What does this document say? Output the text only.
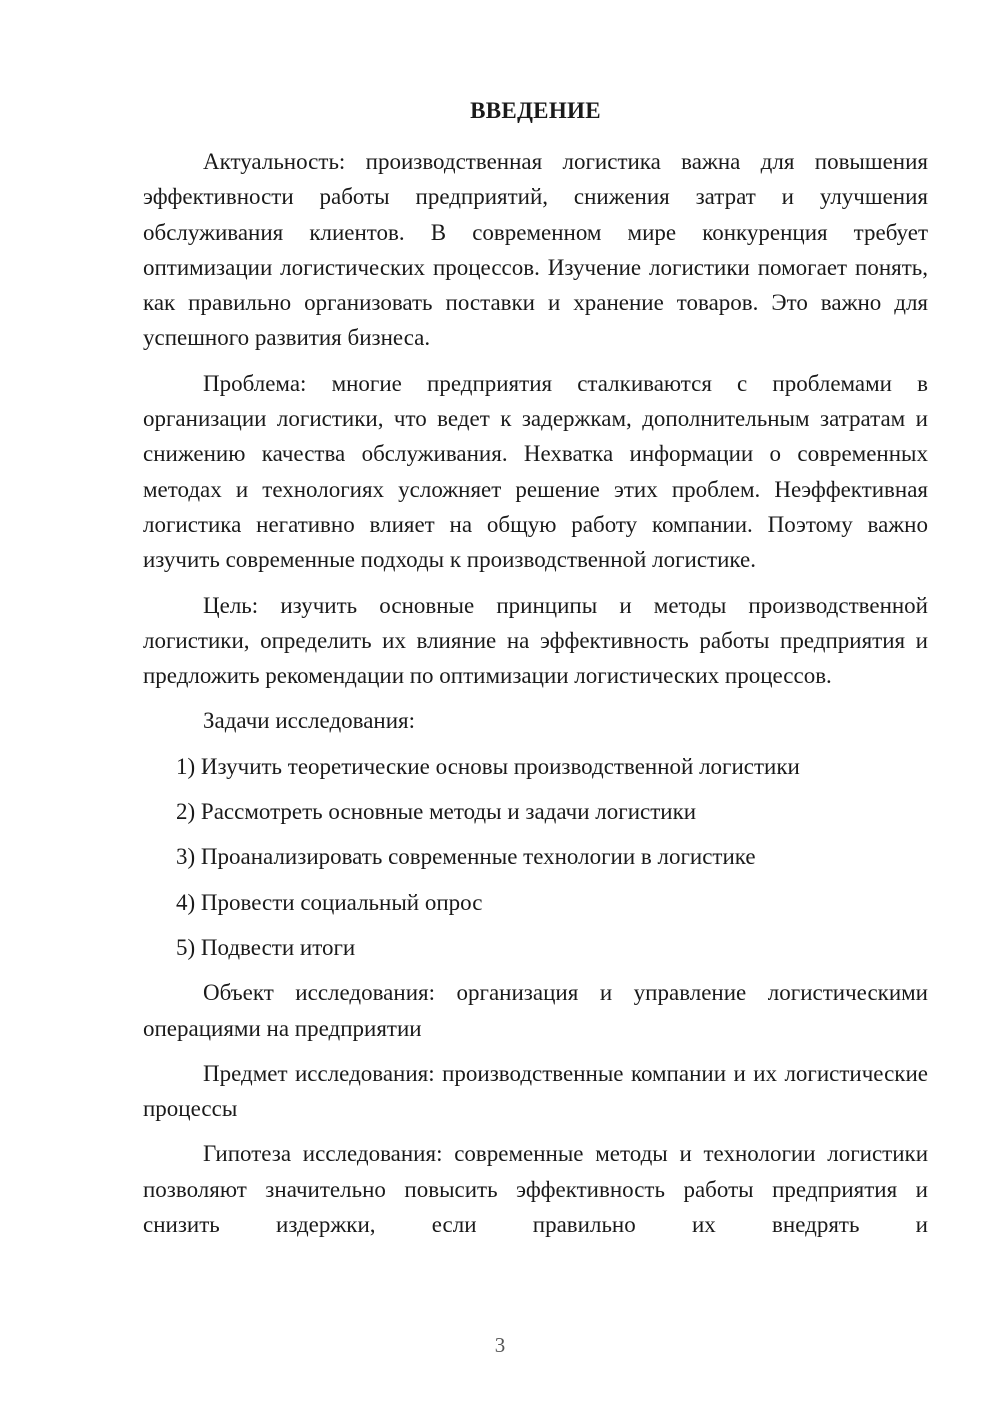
ВВЕДЕНИЕ

Актуальность: производственная логистика важна для повышения эффективности работы предприятий, снижения затрат и улучшения обслуживания клиентов. В современном мире конкуренция требует оптимизации логистических процессов. Изучение логистики помогает понять, как правильно организовать поставки и хранение товаров. Это важно для успешного развития бизнеса.

Проблема: многие предприятия сталкиваются с проблемами в организации логистики, что ведет к задержкам, дополнительным затратам и снижению качества обслуживания. Нехватка информации о современных методах и технологиях усложняет решение этих проблем. Неэффективная логистика негативно влияет на общую работу компании. Поэтому важно изучить современные подходы к производственной логистике.

Цель: изучить основные принципы и методы производственной логистики, определить их влияние на эффективность работы предприятия и предложить рекомендации по оптимизации логистических процессов.

Задачи исследования:

1) Изучить теоретические основы производственной логистики
2) Рассмотреть основные методы и задачи логистики
3) Проанализировать современные технологии в логистике
4) Провести социальный опрос
5) Подвести итоги

Объект исследования: организация и управление логистическими операциями на предприятии

Предмет исследования: производственные компании и их логистические процессы

Гипотеза исследования: современные методы и технологии логистики позволяют значительно повысить эффективность работы предприятия и снизить издержки, если правильно их внедрять и

3
